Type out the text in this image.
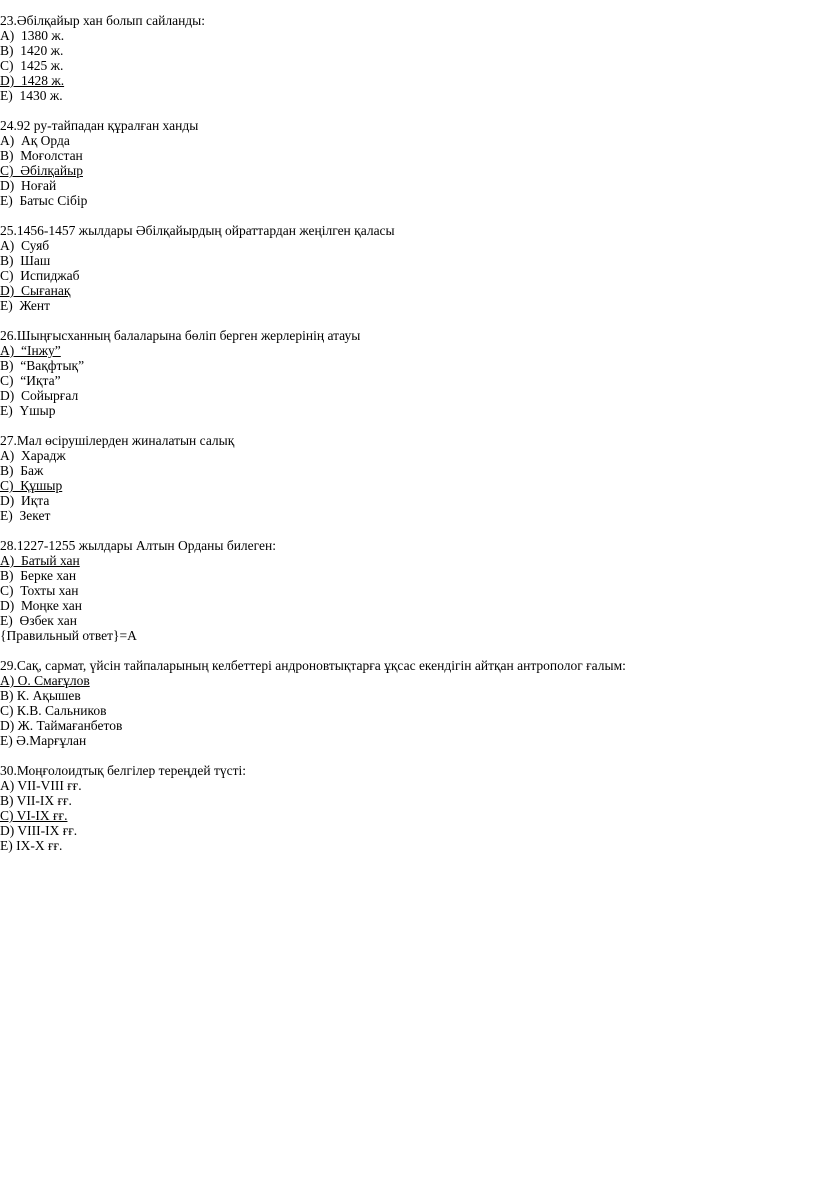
23.Әбілқайыр хан болып сайланды:
A)  1380 ж.
B)  1420 ж.
C)  1425 ж.
D)  1428 ж.
E)  1430 ж.
24.92 ру-тайпадан құралған ханды
A)  Ақ Орда
B)  Моғолстан
C)  Әбілқайыр
D)  Ноғай
E)  Батыс Сібір
25.1456-1457 жылдары Әбілқайырдың ойраттардан жеңілген қаласы
A)  Суяб
B)  Шаш
C)  Испиджаб
D)  Сығанақ
E)  Жент
26.Шыңғысханның балаларына бөліп берген жерлерінің атауы
A)  “Інжу”
B)  “Вақфтық”
C)  “Иқта”
D)  Сойырғал
E)  Үшыр
27.Мал өсірушілерден жиналатын салық
A)  Харадж
B)  Баж
C)  Құшыр
D)  Иқта
E)  Зекет
28.1227-1255 жылдары Алтын Орданы билеген:
A)  Батый хан
B)  Берке хан
C)  Тохты хан
D)  Моңке хан
E)  Өзбек хан
{Правильный ответ}=A
29.Сақ, сармат, үйсін тайпаларының келбеттері андроновтықтарға ұқсас екендігін айтқан антрополог ғалым:
A) О. Смағұлов
B) К. Ақышев
C) К.В. Сальников
D) Ж. Таймағанбетов
E) Ә.Марғұлан
30.Моңғолоидтық белгілер тереңдей түсті:
A) VII-VIII ғғ.
B) VII-IX ғғ.
C) VI-IX ғғ.
D) VIII-IX ғғ.
E) IX-X ғғ.
